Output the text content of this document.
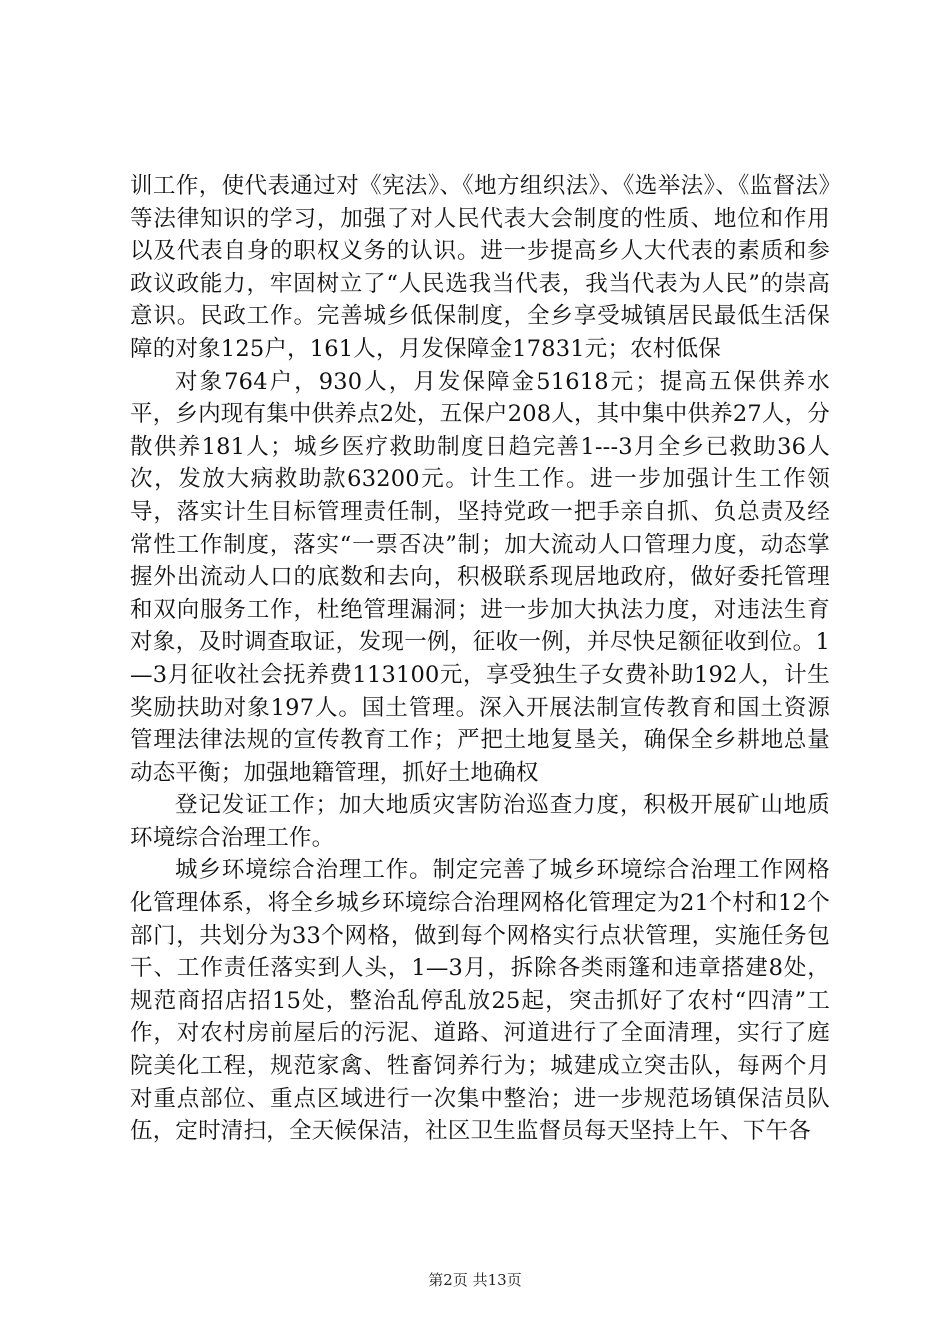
训工作，使代表通过对《宪法》、《地方组织法》、《选举法》、《监督法》等法律知识的学习，加强了对人民代表大会制度的性质、地位和作用以及代表自身的职权义务的认识。进一步提高乡人大代表的素质和参政议政能力，牢固树立了“人民选我当代表，我当代表为人民”的崇高意识。民政工作。完善城乡低保制度，全乡享受城镇居民最低生活保障的对象125户，161人，月发保障金17831元；农村低保

对象764户，930人，月发保障金51618元；提高五保供养水平，乡内现有集中供养点2处，五保户208人，其中集中供养27人，分散供养181人；城乡医疗救助制度日趋完善1---3月全乡已救助36人次，发放大病救助款63200元。计生工作。进一步加强计生工作领导，落实计生目标管理责任制，坚持党政一把手亲自抓、负总责及经常性工作制度，落实“一票否决”制；加大流动人口管理力度，动态掌握外出流动人口的底数和去向，积极联系现居地政府，做好委托管理和双向服务工作，杜绝管理漏洞；进一步加大执法力度，对违法生育对象，及时调查取证，发现一例，征收一例，并尽快足额征收到位。1—3月征收社会抚养费113100元，享受独生子女费补助192人，计生奖励扶助对象197人。国土管理。深入开展法制宣传教育和国土资源管理法律法规的宣传教育工作；严把土地复垦关，确保全乡耕地总量动态平衡；加强地籍管理，抓好土地确权

登记发证工作；加大地质灾害防治巡查力度，积极开展矿山地质环境综合治理工作。

城乡环境综合治理工作。制定完善了城乡环境综合治理工作网格化管理体系，将全乡城乡环境综合治理网格化管理定为21个村和12个部门，共划分为33个网格，做到每个网格实行点状管理，实施任务包干、工作责任落实到人头，1—3月，拆除各类雨篷和违章搭建8处，规范商招店招15处，整治乱停乱放25起，突击抓好了农村“四清”工作，对农村房前屋后的污泥、道路、河道进行了全面清理，实行了庭院美化工程，规范家禽、牲畜饲养行为；城建成立突击队，每两个月对重点部位、重点区域进行一次集中整治；进一步规范场镇保洁员队伍，定时清扫，全天候保洁，社区卫生监督员每天坚持上午、下午各

第2页 共13页
